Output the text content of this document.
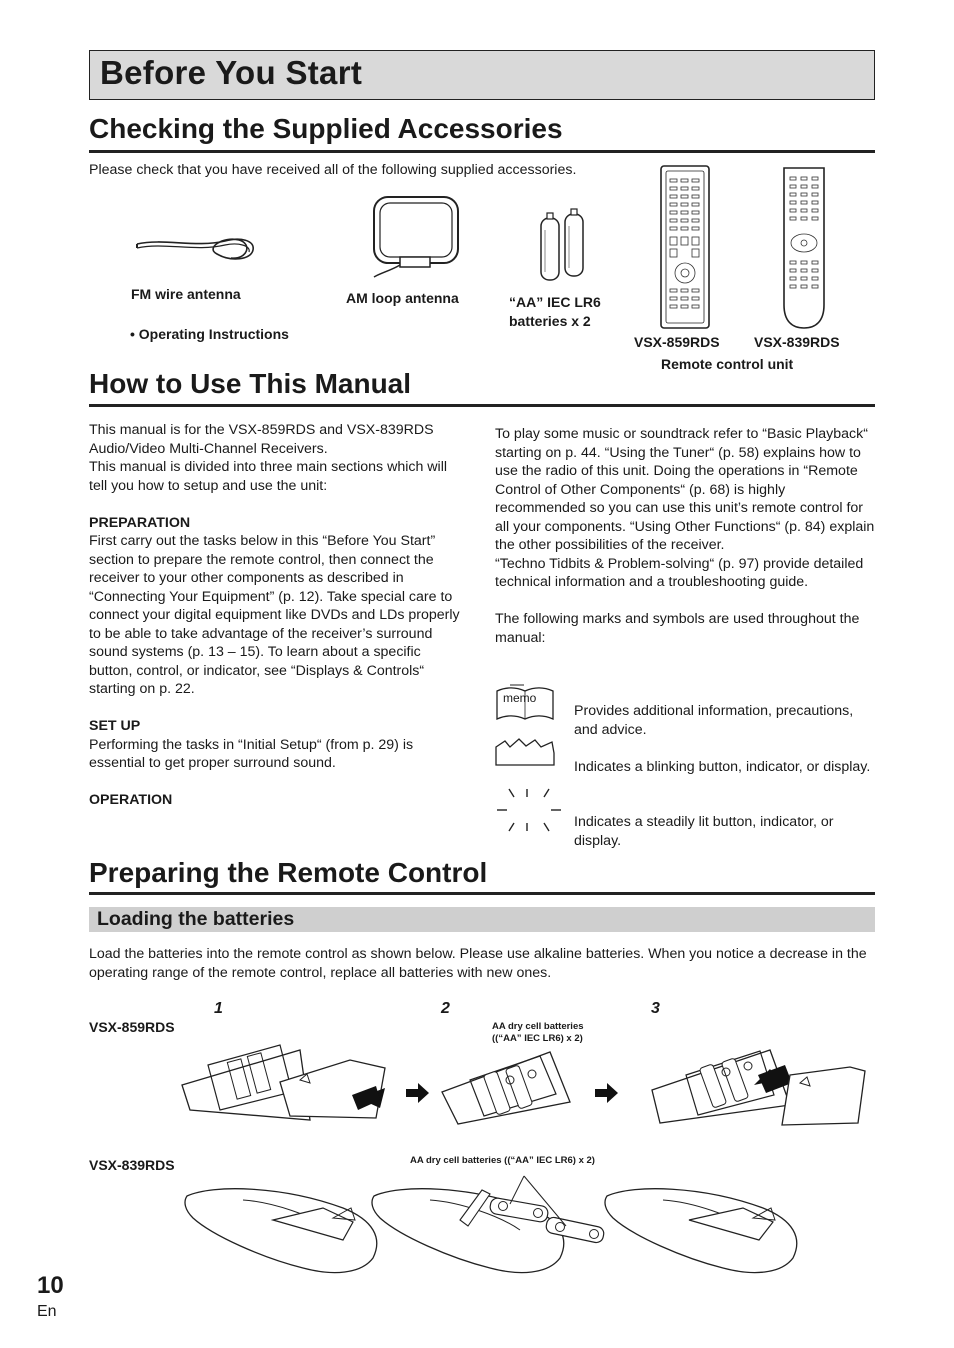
Before You Start
Checking the Supplied Accessories
Please check that you have received all of the following supplied accessories.
FM wire antenna
• Operating Instructions
AM loop antenna	“AA” IEC LR6
batteries x 2
VSX-859RDS VSX-839RDS
Remote control unit
How to Use This Manual

This manual is for the VSX-859RDS and VSX-839RDS Audio/Video Multi-Channel Receivers.

This manual is divided into three main sections which will tell you how to setup and use the unit:

PREPARATION

First carry out the tasks below in this “Before You Start” section to prepare the remote control, then connect the receiver to your other components as described in “Connecting Your Equipment” (p. 12). Take special care to connect your digital equipment like DVDs and LDs properly to be able to take advantage of the receiver’s surround sound systems (p. 13 – 15). To learn about a specific button, control, or indicator, see “Displays & Controls“ starting on p. 22.

SET UP

Performing the tasks in “Initial Setup“ (from p. 29) is essential to get proper surround sound.

OPERATION

To play some music or soundtrack refer to “Basic Playback“ starting on p. 44. “Using the Tuner“ (p. 58) explains how to use the radio of this unit. Doing the operations in “Remote Control of Other Components“ (p. 68) is highly recommended so you can use this unit’s remote control for all your components. “Using Other Functions“ (p. 84) explain the other possibilities of the receiver.

“Techno Tidbits & Problem-solving“ (p. 97) provide detailed technical information and a troubleshooting guide.

The following marks and symbols are used throughout the manual:

memo
Provides additional information, precautions, and advice.
Indicates a blinking button, indicator, or display.
Indicates a steadily lit button, indicator, or display.
Preparing the Remote Control
Loading the batteries
Load the batteries into the remote control as shown below. Please use alkaline batteries. When you notice a decrease in the operating range of the remote control, replace all batteries with new ones.
1	2	3
VSX-859RDS	AA dry cell batteries
((“AA” IEC LR6) x 2)
VSX-839RDS	AA dry cell batteries ((“AA” IEC LR6) x 2)
10
En
